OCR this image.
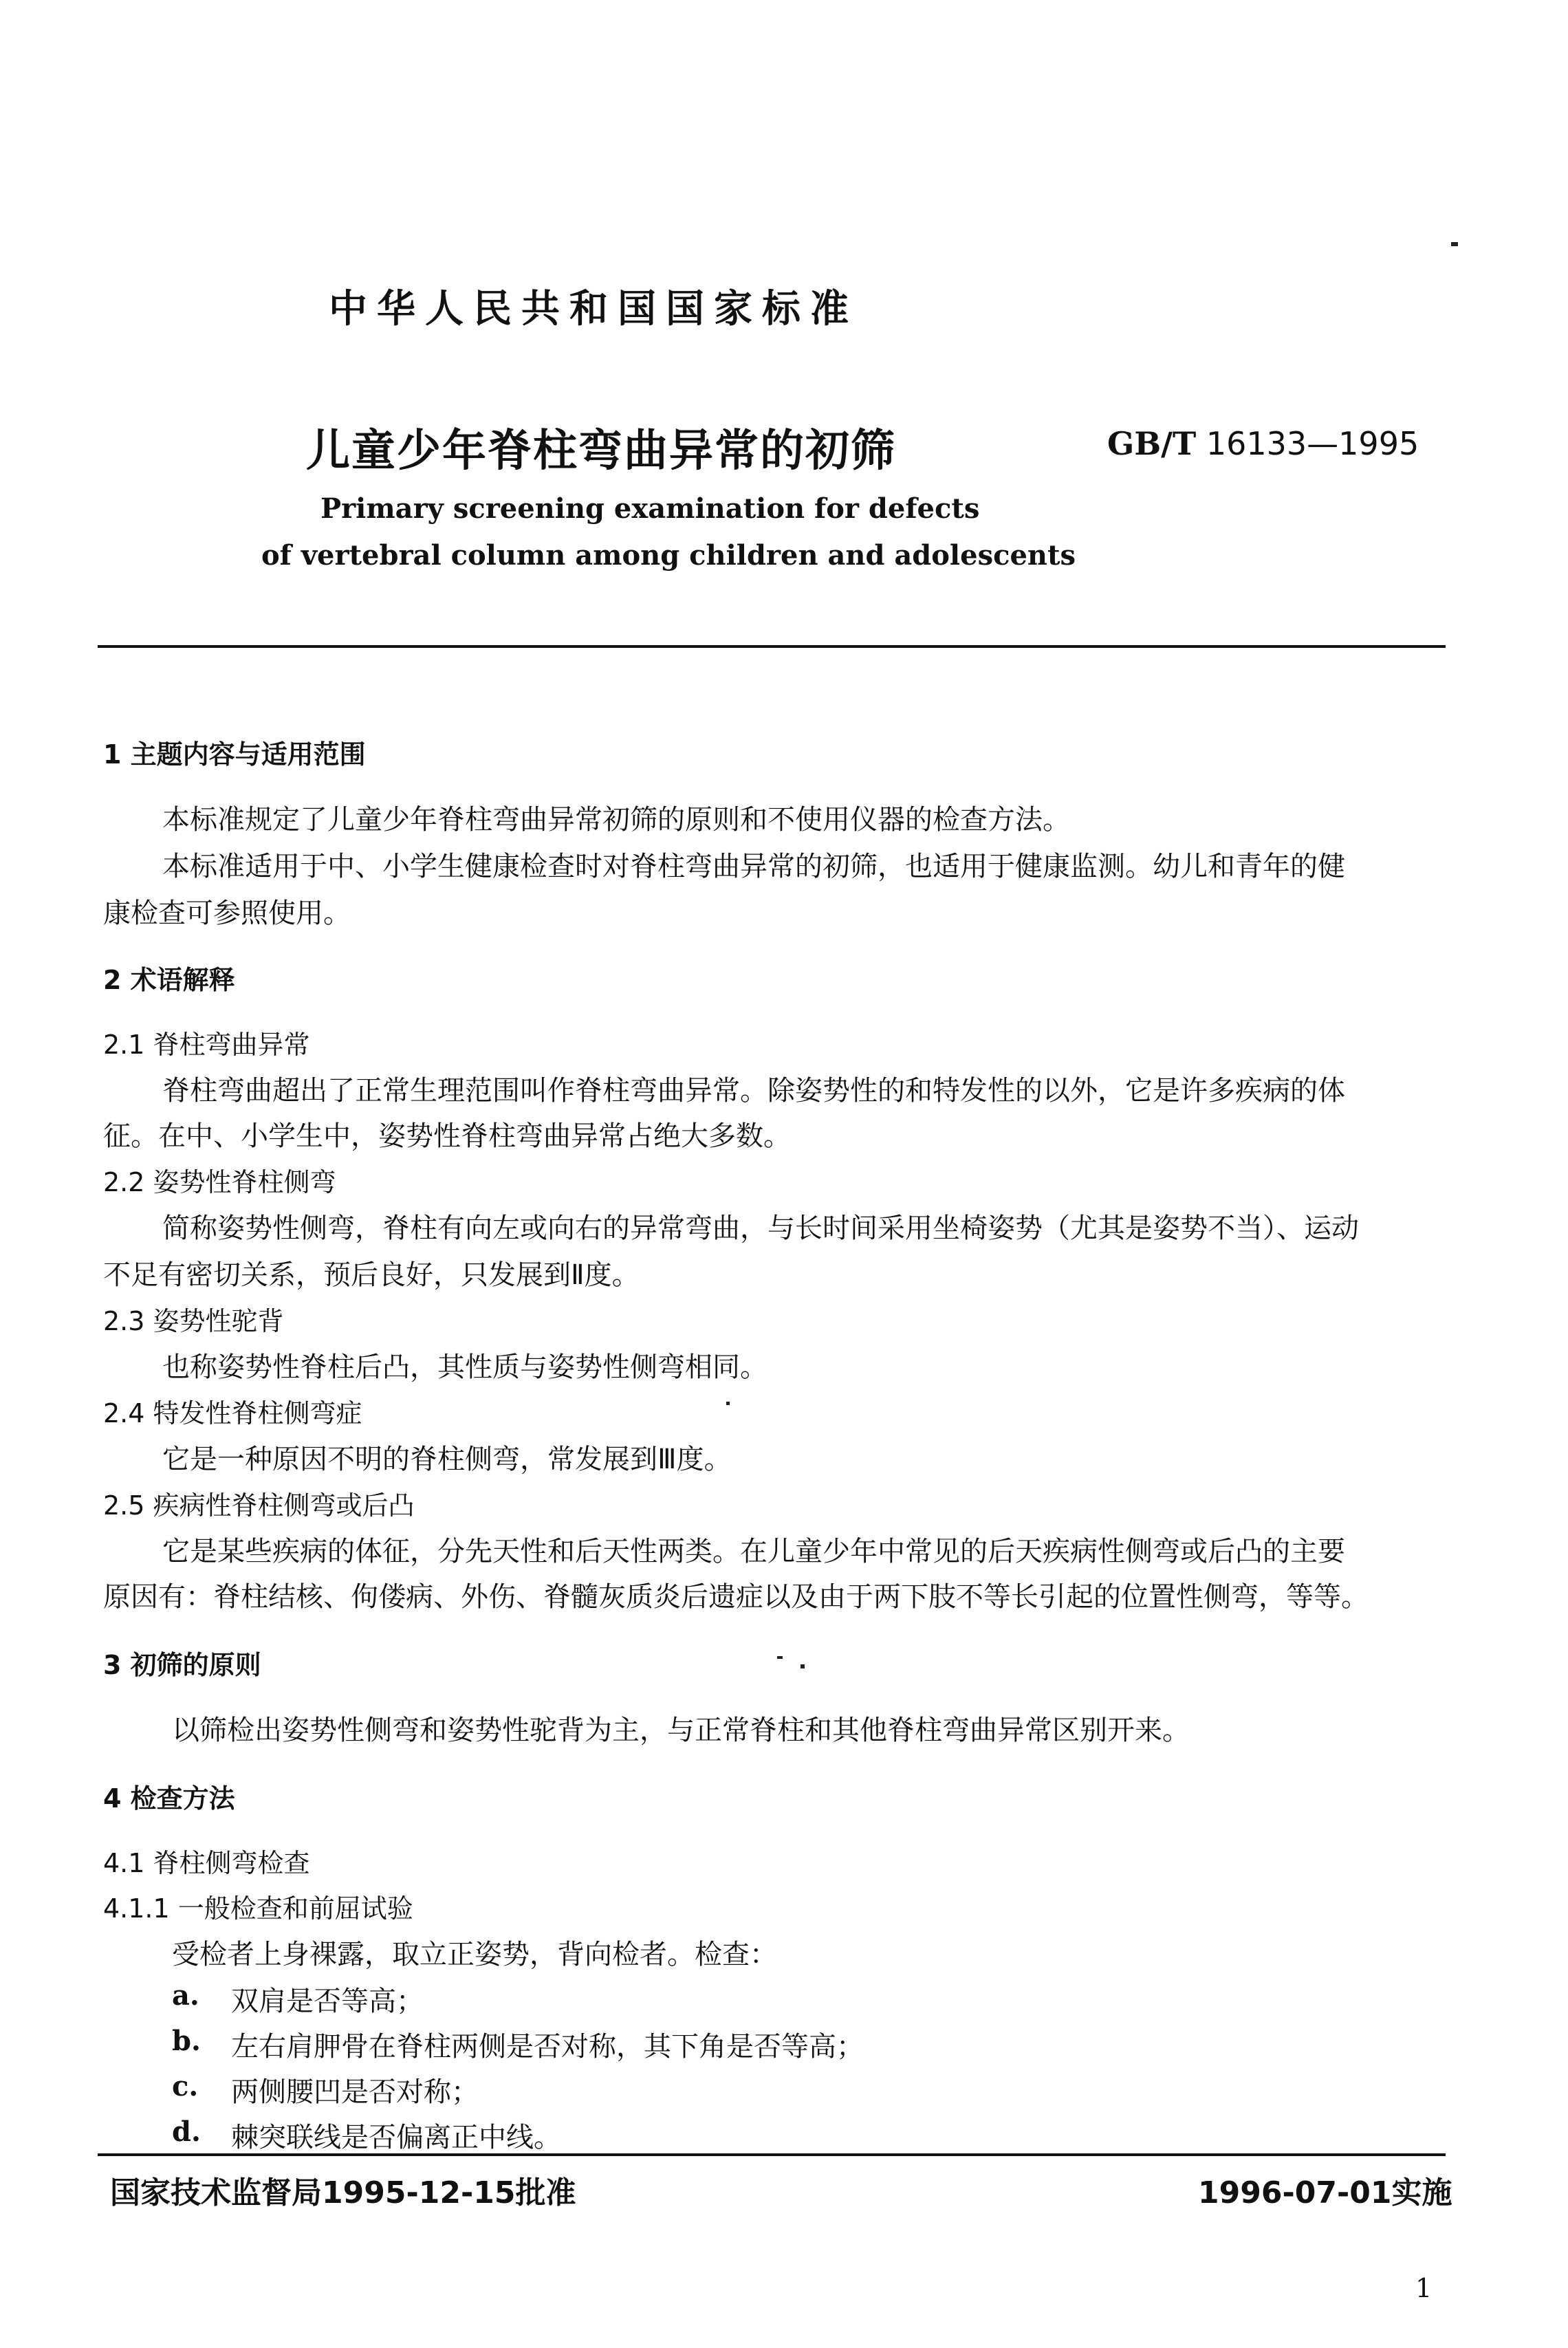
中华人民共和国国家标准
儿童少年脊柱弯曲异常的初筛	GB/T 16133—1995
Primary screening examination for defects
of vertebral column among children and adolescents
1 主题内容与适用范围
本标准规定了儿童少年脊柱弯曲异常初筛的原则和不使用仪器的检查方法。
本标准适用于中、小学生健康检查时对脊柱弯曲异常的初筛，也适用于健康监测。幼儿和青年的健
康检查可参照使用。
2 术语解释
2.1 脊柱弯曲异常
脊柱弯曲超出了正常生理范围叫作脊柱弯曲异常。除姿势性的和特发性的以外，它是许多疾病的体
征。在中、小学生中，姿势性脊柱弯曲异常占绝大多数。
2.2 姿势性脊柱侧弯
简称姿势性侧弯，脊柱有向左或向右的异常弯曲，与长时间采用坐椅姿势（尤其是姿势不当）、运动
不足有密切关系，预后良好，只发展到Ⅱ度。
2.3 姿势性驼背
也称姿势性脊柱后凸，其性质与姿势性侧弯相同。
2.4 特发性脊柱侧弯症
它是一种原因不明的脊柱侧弯，常发展到Ⅲ度。
2.5 疾病性脊柱侧弯或后凸
它是某些疾病的体征，分先天性和后天性两类。在儿童少年中常见的后天疾病性侧弯或后凸的主要
原因有：脊柱结核、佝偻病、外伤、脊髓灰质炎后遗症以及由于两下肢不等长引起的位置性侧弯，等等。
3 初筛的原则
以筛检出姿势性侧弯和姿势性驼背为主，与正常脊柱和其他脊柱弯曲异常区别开来。
4 检查方法
4.1 脊柱侧弯检查
4.1.1 一般检查和前屈试验
受检者上身裸露，取立正姿势，背向检者。检查：
a. 双肩是否等高；
b. 左右肩胛骨在脊柱两侧是否对称，其下角是否等高；
c. 两侧腰凹是否对称；
d. 棘突联线是否偏离正中线。
国家技术监督局1995-12-15批准	1996-07-01实施
1
